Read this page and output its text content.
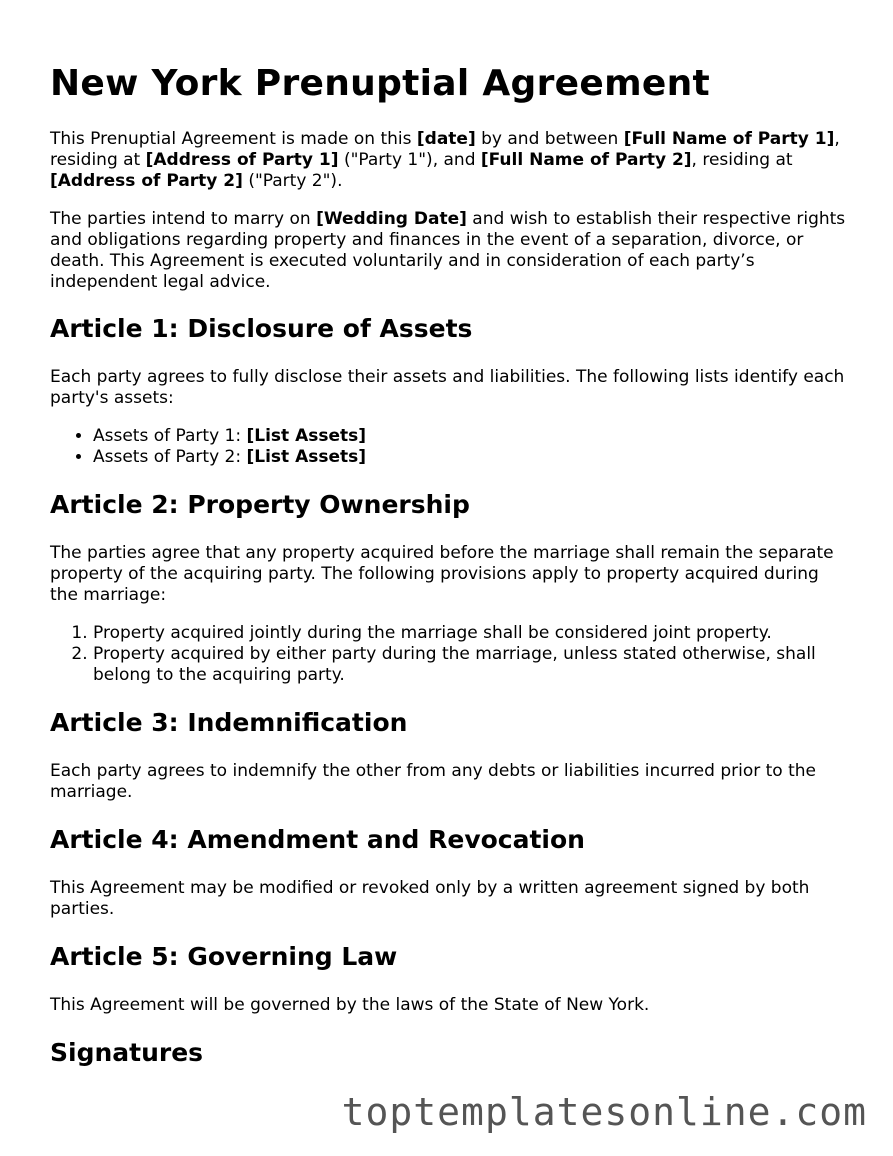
New York Prenuptial Agreement

This Prenuptial Agreement is made on this [date] by and between [Full Name of Party 1], residing at [Address of Party 1] ("Party 1"), and [Full Name of Party 2], residing at [Address of Party 2] ("Party 2").

The parties intend to marry on [Wedding Date] and wish to establish their respective rights and obligations regarding property and finances in the event of a separation, divorce, or death. This Agreement is executed voluntarily and in consideration of each party’s independent legal advice.

Article 1: Disclosure of Assets

Each party agrees to fully disclose their assets and liabilities. The following lists identify each party's assets:

• Assets of Party 1: [List Assets]
• Assets of Party 2: [List Assets]
Article 2: Property Ownership

The parties agree that any property acquired before the marriage shall remain the separate property of the acquiring party. The following provisions apply to property acquired during the marriage:

1. Property acquired jointly during the marriage shall be considered joint property.
2. Property acquired by either party during the marriage, unless stated otherwise, shall belong to the acquiring party.
Article 3: Indemnification

Each party agrees to indemnify the other from any debts or liabilities incurred prior to the marriage.

Article 4: Amendment and Revocation

This Agreement may be modified or revoked only by a written agreement signed by both parties.

Article 5: Governing Law

This Agreement will be governed by the laws of the State of New York.

Signatures
toptemplatesonline.com
